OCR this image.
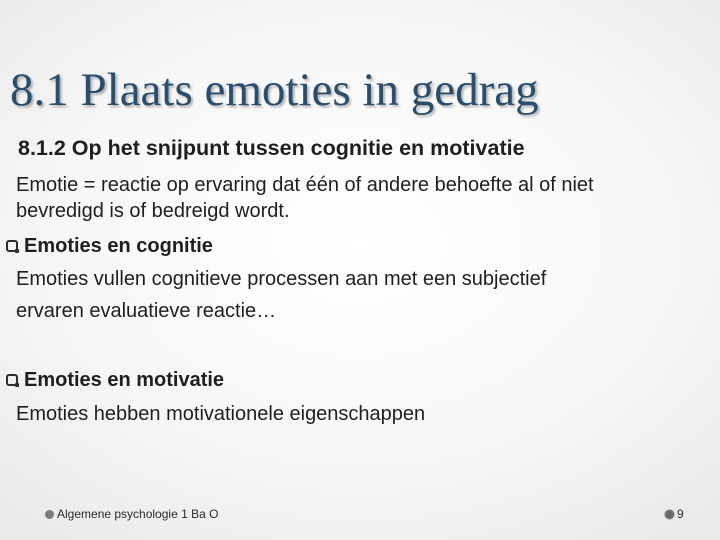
8.1 Plaats emoties in gedrag
8.1.2 Op het snijpunt tussen cognitie en motivatie
Emotie = reactie op ervaring dat één of andere behoefte al of niet
bevredigd is of bedreigd wordt.
Emoties en cognitie
Emoties vullen cognitieve processen aan met een subjectief
ervaren evaluatieve reactie…
Emoties en motivatie
Emoties hebben motivationele eigenschappen
Algemene psychologie 1 Ba O	9
